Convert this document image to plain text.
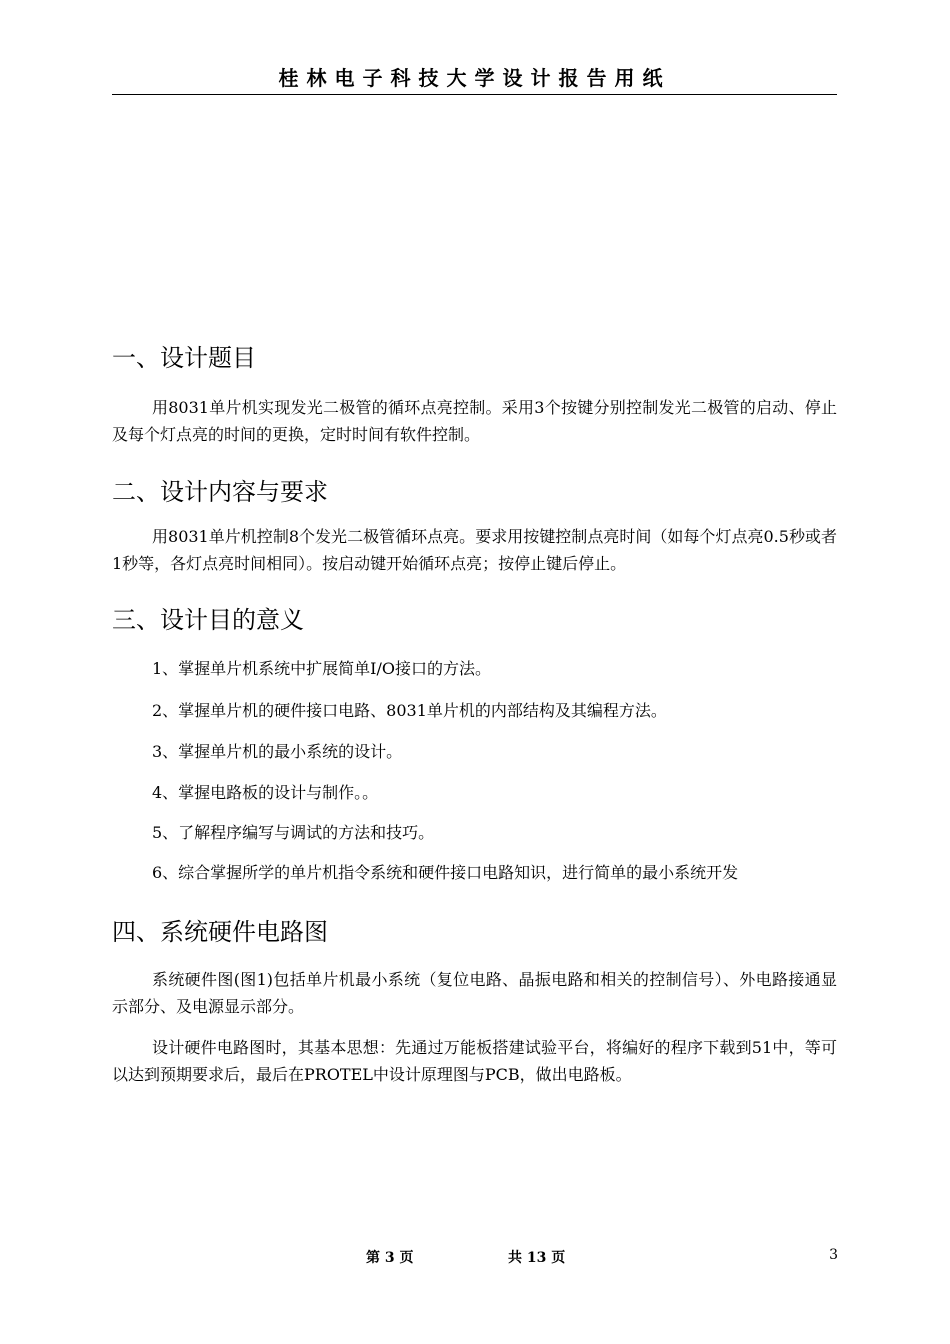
桂林电子科技大学设计报告用纸
一、设计题目

用8031单片机实现发光二极管的循环点亮控制。采用3个按键分别控制发光二极管的启动、停止及每个灯点亮的时间的更换，定时时间有软件控制。

二、设计内容与要求

用8031单片机控制8个发光二极管循环点亮。要求用按键控制点亮时间（如每个灯点亮0.5秒或者1秒等，各灯点亮时间相同）。按启动键开始循环点亮；按停止键后停止。

三、设计目的意义

1、掌握单片机系统中扩展简单I/O接口的方法。

2、掌握单片机的硬件接口电路、8031单片机的内部结构及其编程方法。

3、掌握单片机的最小系统的设计。

4、掌握电路板的设计与制作。。

5、了解程序编写与调试的方法和技巧。

6、综合掌握所学的单片机指令系统和硬件接口电路知识，进行简单的最小系统开发

四、系统硬件电路图

系统硬件图(图1)包括单片机最小系统（复位电路、晶振电路和相关的控制信号）、外电路接通显示部分、及电源显示部分。

设计硬件电路图时，其基本思想：先通过万能板搭建试验平台，将编好的程序下载到51中，等可以达到预期要求后，最后在PROTEL中设计原理图与PCB，做出电路板。

第 3 页	共 13 页	3
